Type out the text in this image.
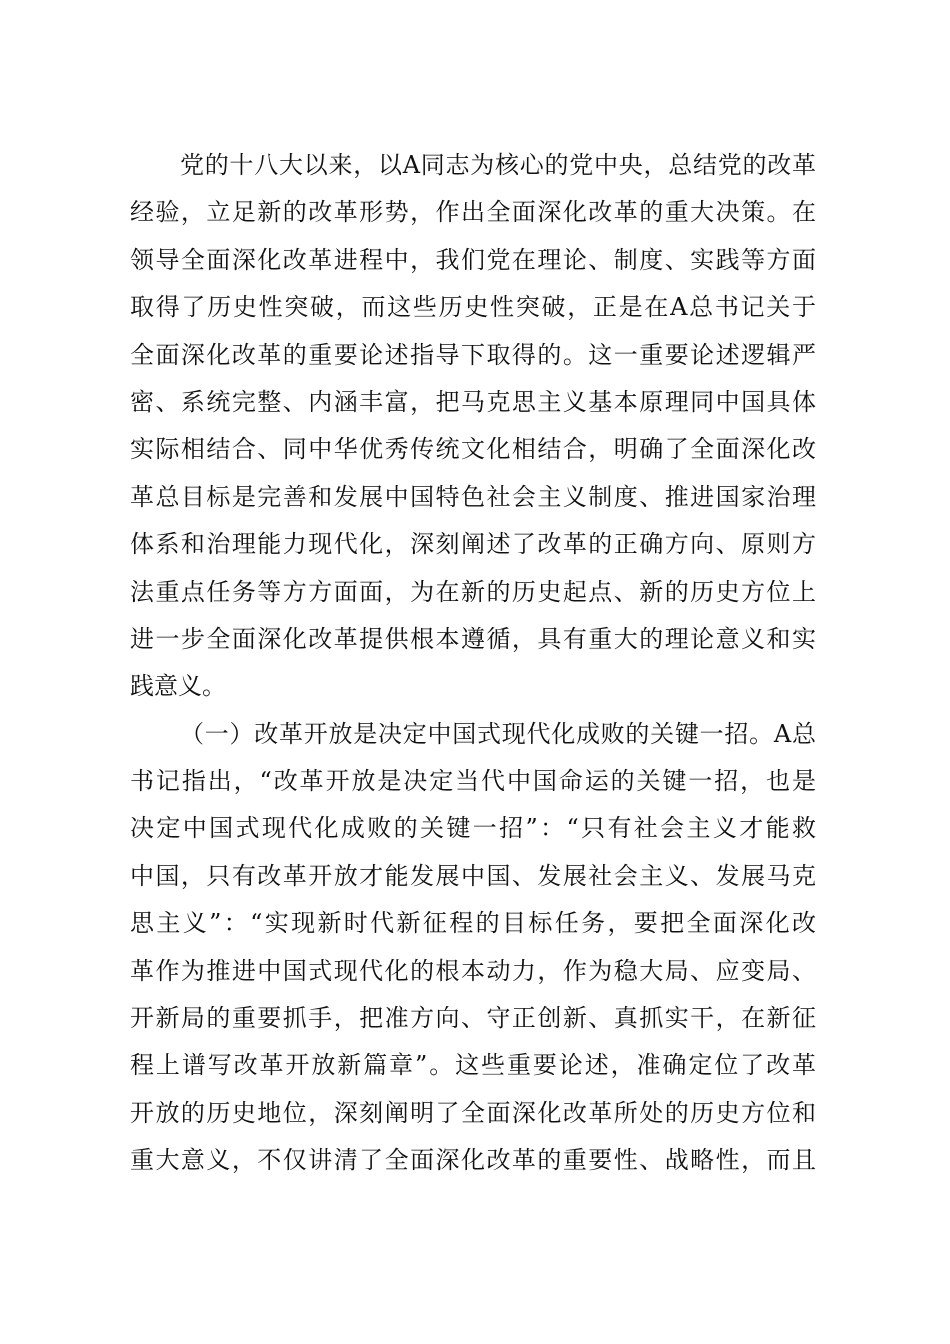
党的十八大以来，以A同志为核心的党中央，总结党的改革
经验，立足新的改革形势，作出全面深化改革的重大决策。在
领导全面深化改革进程中，我们党在理论、制度、实践等方面
取得了历史性突破，而这些历史性突破，正是在A总书记关于
全面深化改革的重要论述指导下取得的。这一重要论述逻辑严
密、系统完整、内涵丰富，把马克思主义基本原理同中国具体
实际相结合、同中华优秀传统文化相结合，明确了全面深化改
革总目标是完善和发展中国特色社会主义制度、推进国家治理
体系和治理能力现代化，深刻阐述了改革的正确方向、原则方
法重点任务等方方面面，为在新的历史起点、新的历史方位上
进一步全面深化改革提供根本遵循，具有重大的理论意义和实
践意义。
（一）改革开放是决定中国式现代化成败的关键一招。A总
书记指出，“改革开放是决定当代中国命运的关键一招，也是
决定中国式现代化成败的关键一招”：“只有社会主义才能救
中国，只有改革开放才能发展中国、发展社会主义、发展马克
思主义”：“实现新时代新征程的目标任务，要把全面深化改
革作为推进中国式现代化的根本动力，作为稳大局、应变局、
开新局的重要抓手，把准方向、守正创新、真抓实干，在新征
程上谱写改革开放新篇章”。这些重要论述，准确定位了改革
开放的历史地位，深刻阐明了全面深化改革所处的历史方位和
重大意义，不仅讲清了全面深化改革的重要性、战略性，而且
